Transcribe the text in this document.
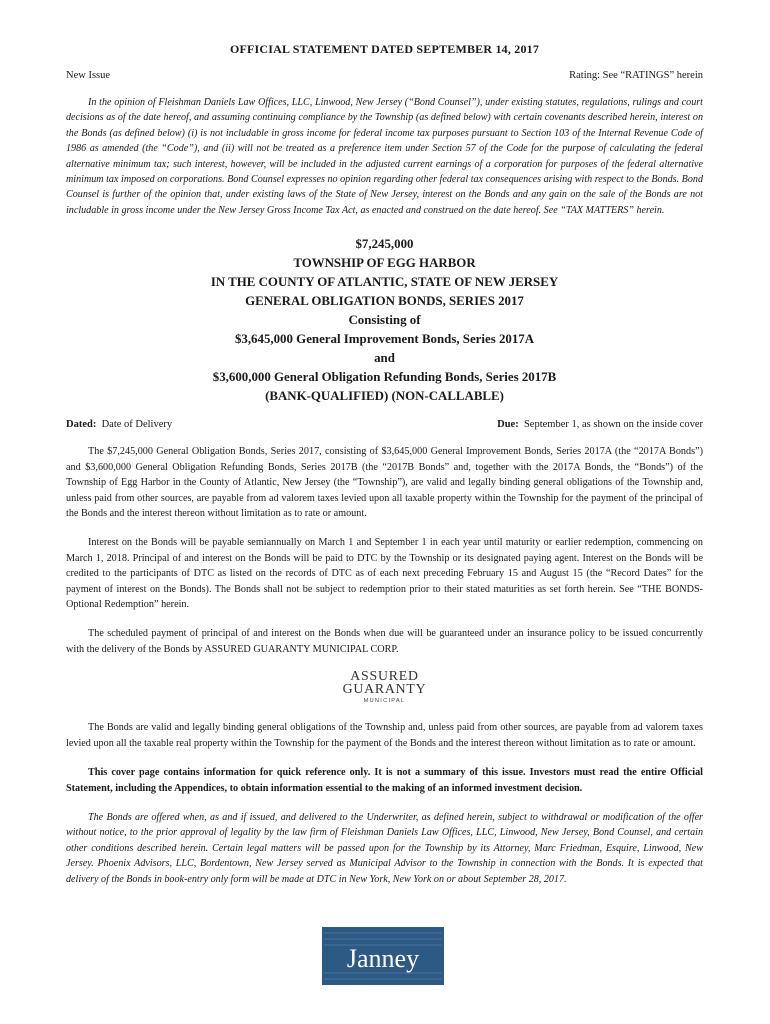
OFFICIAL STATEMENT DATED SEPTEMBER 14, 2017
New Issue	Rating: See “RATINGS” herein

In the opinion of Fleishman Daniels Law Offices, LLC, Linwood, New Jersey (“Bond Counsel”), under existing statutes, regulations, rulings and court decisions as of the date hereof, and assuming continuing compliance by the Township (as defined below) with certain covenants described herein, interest on the Bonds (as defined below) (i) is not includable in gross income for federal income tax purposes pursuant to Section 103 of the Internal Revenue Code of 1986 as amended (the “Code”), and (ii) will not be treated as a preference item under Section 57 of the Code for the purpose of calculating the federal alternative minimum tax; such interest, however, will be included in the adjusted current earnings of a corporation for purposes of the federal alternative minimum tax imposed on corporations. Bond Counsel expresses no opinion regarding other federal tax consequences arising with respect to the Bonds. Bond Counsel is further of the opinion that, under existing laws of the State of New Jersey, interest on the Bonds and any gain on the sale of the Bonds are not includable in gross income under the New Jersey Gross Income Tax Act, as enacted and construed on the date hereof. See “TAX MATTERS” herein.

$7,245,000
TOWNSHIP OF EGG HARBOR
IN THE COUNTY OF ATLANTIC, STATE OF NEW JERSEY
GENERAL OBLIGATION BONDS, SERIES 2017
Consisting of
$3,645,000 General Improvement Bonds, Series 2017A
and
$3,600,000 General Obligation Refunding Bonds, Series 2017B
(BANK-QUALIFIED) (NON-CALLABLE)
Dated: Date of Delivery	Due: September 1, as shown on the inside cover

The $7,245,000 General Obligation Bonds, Series 2017, consisting of $3,645,000 General Improvement Bonds, Series 2017A (the “2017A Bonds”) and $3,600,000 General Obligation Refunding Bonds, Series 2017B (the “2017B Bonds” and, together with the 2017A Bonds, the “Bonds”) of the Township of Egg Harbor in the County of Atlantic, New Jersey (the “Township”), are valid and legally binding general obligations of the Township and, unless paid from other sources, are payable from ad valorem taxes levied upon all taxable property within the Township for the payment of the principal of the Bonds and the interest thereon without limitation as to rate or amount.

Interest on the Bonds will be payable semiannually on March 1 and September 1 in each year until maturity or earlier redemption, commencing on March 1, 2018. Principal of and interest on the Bonds will be paid to DTC by the Township or its designated paying agent. Interest on the Bonds will be credited to the participants of DTC as listed on the records of DTC as of each next preceding February 15 and August 15 (the “Record Dates” for the payment of interest on the Bonds). The Bonds shall not be subject to redemption prior to their stated maturities as set forth herein. See “THE BONDS-Optional Redemption” herein.

The scheduled payment of principal of and interest on the Bonds when due will be guaranteed under an insurance policy to be issued concurrently with the delivery of the Bonds by ASSURED GUARANTY MUNICIPAL CORP.

ASSURED
GUARANTY
MUNICIPAL

The Bonds are valid and legally binding general obligations of the Township and, unless paid from other sources, are payable from ad valorem taxes levied upon all the taxable real property within the Township for the payment of the Bonds and the interest thereon without limitation as to rate or amount.

This cover page contains information for quick reference only. It is not a summary of this issue. Investors must read the entire Official Statement, including the Appendices, to obtain information essential to the making of an informed investment decision.

The Bonds are offered when, as and if issued, and delivered to the Underwriter, as defined herein, subject to withdrawal or modification of the offer without notice, to the prior approval of legality by the law firm of Fleishman Daniels Law Offices, LLC, Linwood, New Jersey, Bond Counsel, and certain other conditions described herein. Certain legal matters will be passed upon for the Township by its Attorney, Marc Friedman, Esquire, Linwood, New Jersey. Phoenix Advisors, LLC, Bordentown, New Jersey served as Municipal Advisor to the Township in connection with the Bonds. It is expected that delivery of the Bonds in book-entry only form will be made at DTC in New York, New York on or about September 28, 2017.

Janney
